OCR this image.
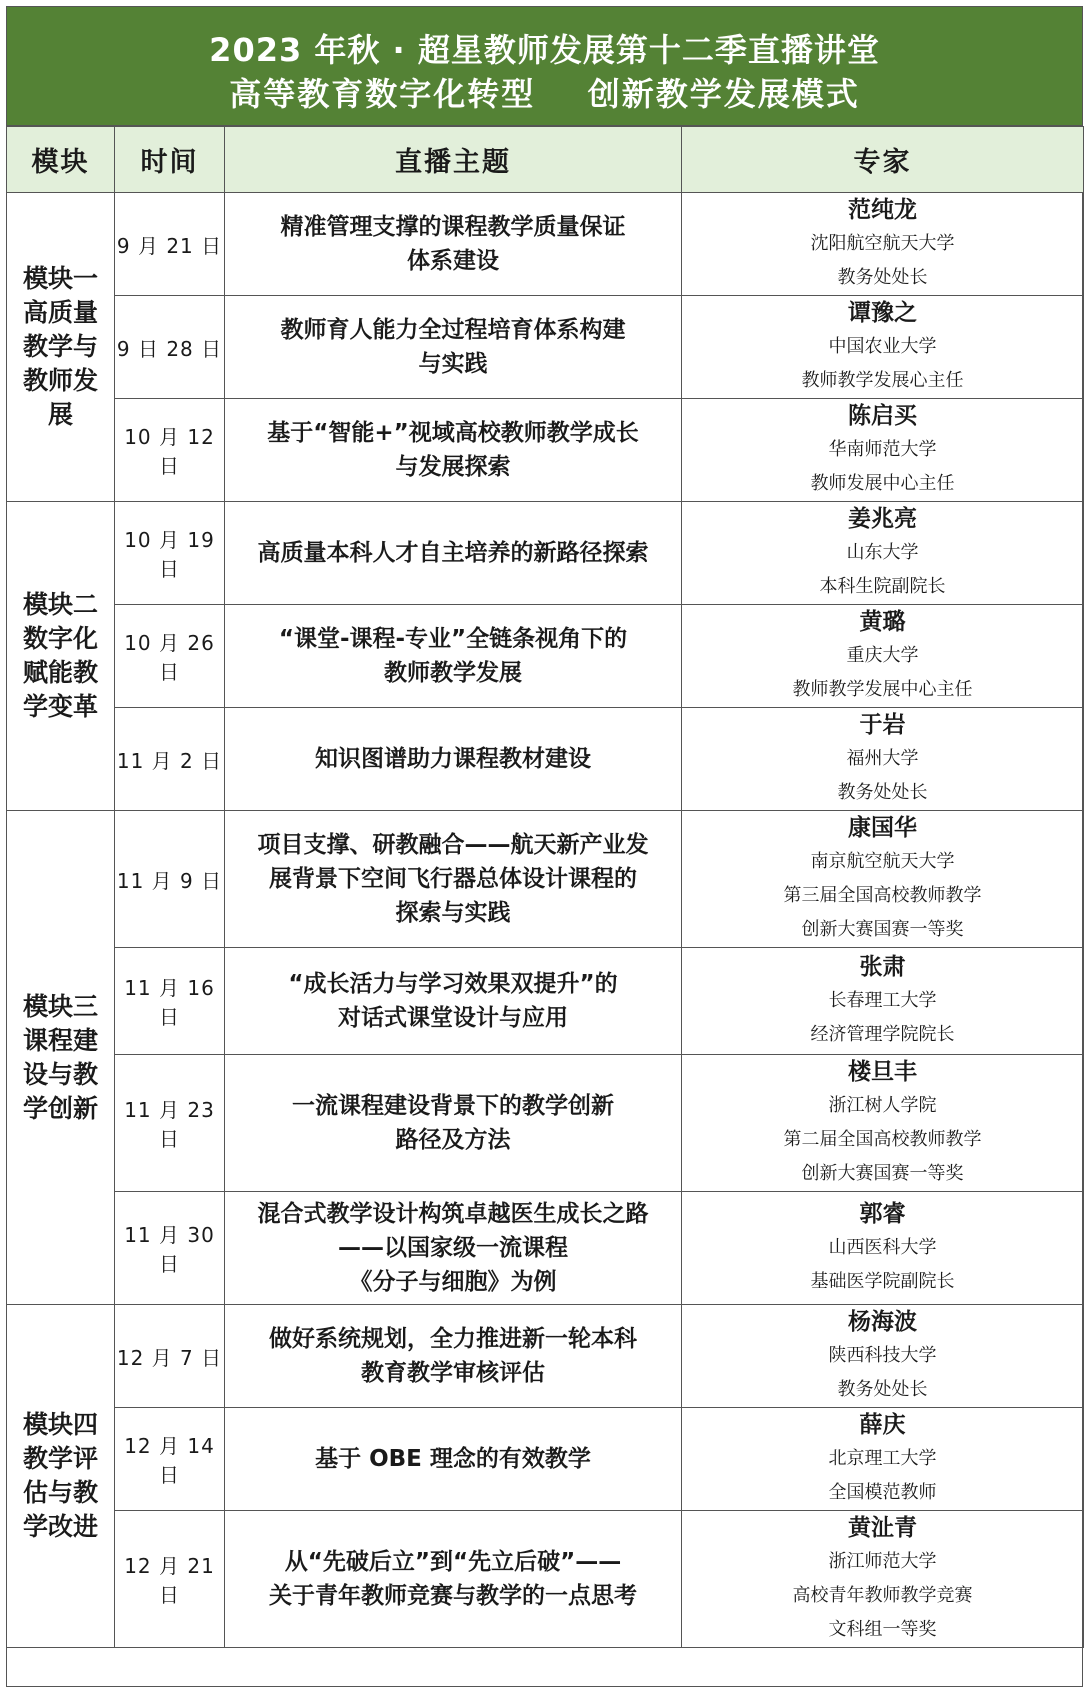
2023 年秋 · 超星教师发展第十二季直播讲堂
高等教育数字化转型    创新教学发展模式
模块	时间	直播主题	专家
模块一高质量教学与教师发展	9 月 21 日	精准管理支撑的课程教学质量保证
体系建设	范纯龙
沈阳航空航天大学
教务处处长

	9 日 28 日	教师育人能力全过程培育体系构建
与实践	谭豫之
中国农业大学
教师教学发展心主任

	10 月 12 日	基于“智能+”视域高校教师教学成长
与发展探索	陈启买
华南师范大学
教师发展中心主任

模块二数字化赋能教学变革	10 月 19 日	高质量本科人才自主培养的新路径探索	姜兆亮
山东大学
本科生院副院长

	10 月 26 日	“课堂-课程-专业”全链条视角下的
教师教学发展	黄璐
重庆大学
教师教学发展中心主任

	11 月 2 日	知识图谱助力课程教材建设	于岩
福州大学
教务处处长

模块三课程建设与教学创新	11 月 9 日	项目支撑、研教融合——航天新产业发
展背景下空间飞行器总体设计课程的
探索与实践	康国华
南京航空航天大学
第三届全国高校教师教学
创新大赛国赛一等奖

	11 月 16 日	“成长活力与学习效果双提升”的
对话式课堂设计与应用	张肃
长春理工大学
经济管理学院院长

	11 月 23 日	一流课程建设背景下的教学创新
路径及方法	楼旦丰
浙江树人学院
第二届全国高校教师教学
创新大赛国赛一等奖

	11 月 30 日	混合式教学设计构筑卓越医生成长之路
——以国家级一流课程
《分子与细胞》为例	郭睿
山西医科大学
基础医学院副院长

模块四教学评估与教学改进	12 月 7 日	做好系统规划，全力推进新一轮本科
教育教学审核评估	杨海波
陕西科技大学
教务处处长

	12 月 14 日	基于 OBE 理念的有效教学	薛庆
北京理工大学
全国模范教师

	12 月 21 日	从“先破后立”到“先立后破”——
关于青年教师竞赛与教学的一点思考	黄沚青
浙江师范大学
高校青年教师教学竞赛
文科组一等奖
